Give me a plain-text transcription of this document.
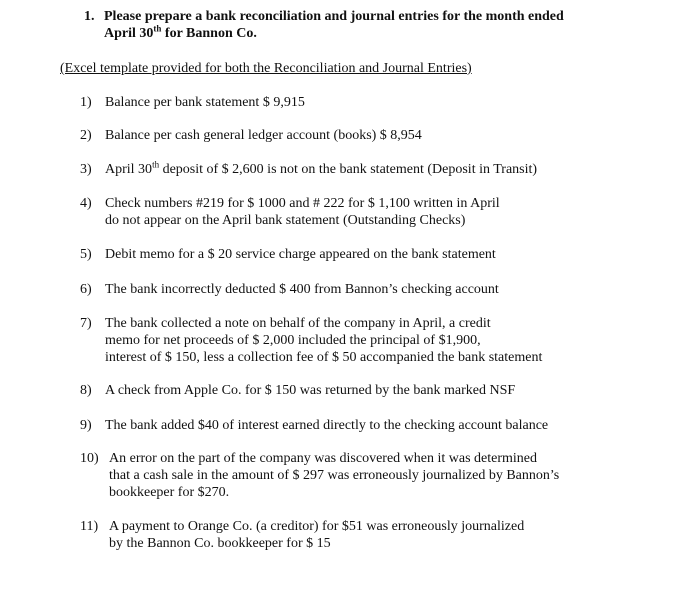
1. Please prepare a bank reconciliation and journal entries for the month ended
April 30th for Bannon Co.
(Excel template provided for both the Reconciliation and Journal Entries)
1) Balance per bank statement $ 9,915
2) Balance per cash general ledger account (books) $ 8,954
3) April 30th deposit of $ 2,600 is not on the bank statement (Deposit in Transit)
4) Check numbers #219 for $ 1000 and # 222 for $ 1,100 written in April
do not appear on the April bank statement (Outstanding Checks)
5) Debit memo for a $ 20 service charge appeared on the bank statement
6) The bank incorrectly deducted $ 400 from Bannon’s checking account
7) The bank collected a note on behalf of the company in April, a credit
memo for net proceeds of $ 2,000 included the principal of $1,900,
interest of $ 150, less a collection fee of $ 50 accompanied the bank statement
8) A check from Apple Co. for $ 150 was returned by the bank marked NSF
9) The bank added $40 of interest earned directly to the checking account balance
10) An error on the part of the company was discovered when it was determined
that a cash sale in the amount of $ 297 was erroneously journalized by Bannon’s
bookkeeper for $270.
11) A payment to Orange Co. (a creditor) for $51 was erroneously journalized
by the Bannon Co. bookkeeper for $ 15
